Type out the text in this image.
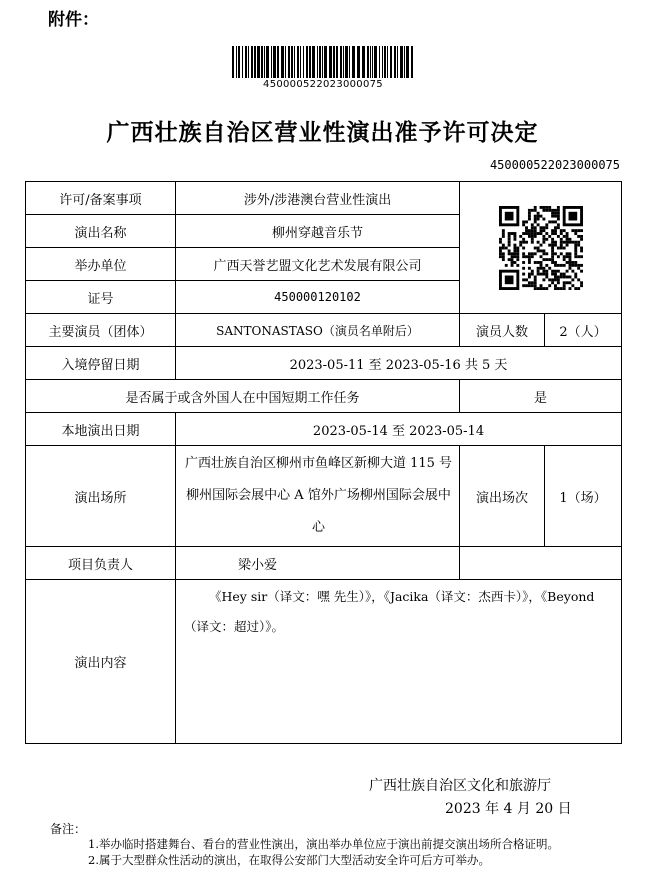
附件：
450000522023000075
广西壮族自治区营业性演出准予许可决定
450000522023000075
许可/备案事项	涉外/涉港澳台营业性演出	

演出名称	柳州穿越音乐节		
举办单位	广西天誉艺盟文化艺术发展有限公司		
证号	450000120102		
主要演员（团体）	SANTONASTASO（演员名单附后）	演员人数	2（人）
入境停留日期	2023-05-11 至 2023-05-16 共 5 天		
是否属于或含外国人在中国短期工作任务		是	
本地演出日期	2023-05-14 至 2023-05-14		
演出场所	广西壮族自治区柳州市鱼峰区新柳大道 115 号柳州国际会展中心 A 馆外广场柳州国际会展中心	演出场次	1（场）
项目负责人	梁小爱		
演出内容	《Hey sir（译文：嘿 先生）》，《Jacika（译文：杰西卡）》，《Beyond（译文：超过）》。		
广西壮族自治区文化和旅游厅
2023 年 4 月 20 日
备注：
1.举办临时搭建舞台、看台的营业性演出，演出举办单位应于演出前提交演出场所合格证明。
2.属于大型群众性活动的演出，在取得公安部门大型活动安全许可后方可举办。
